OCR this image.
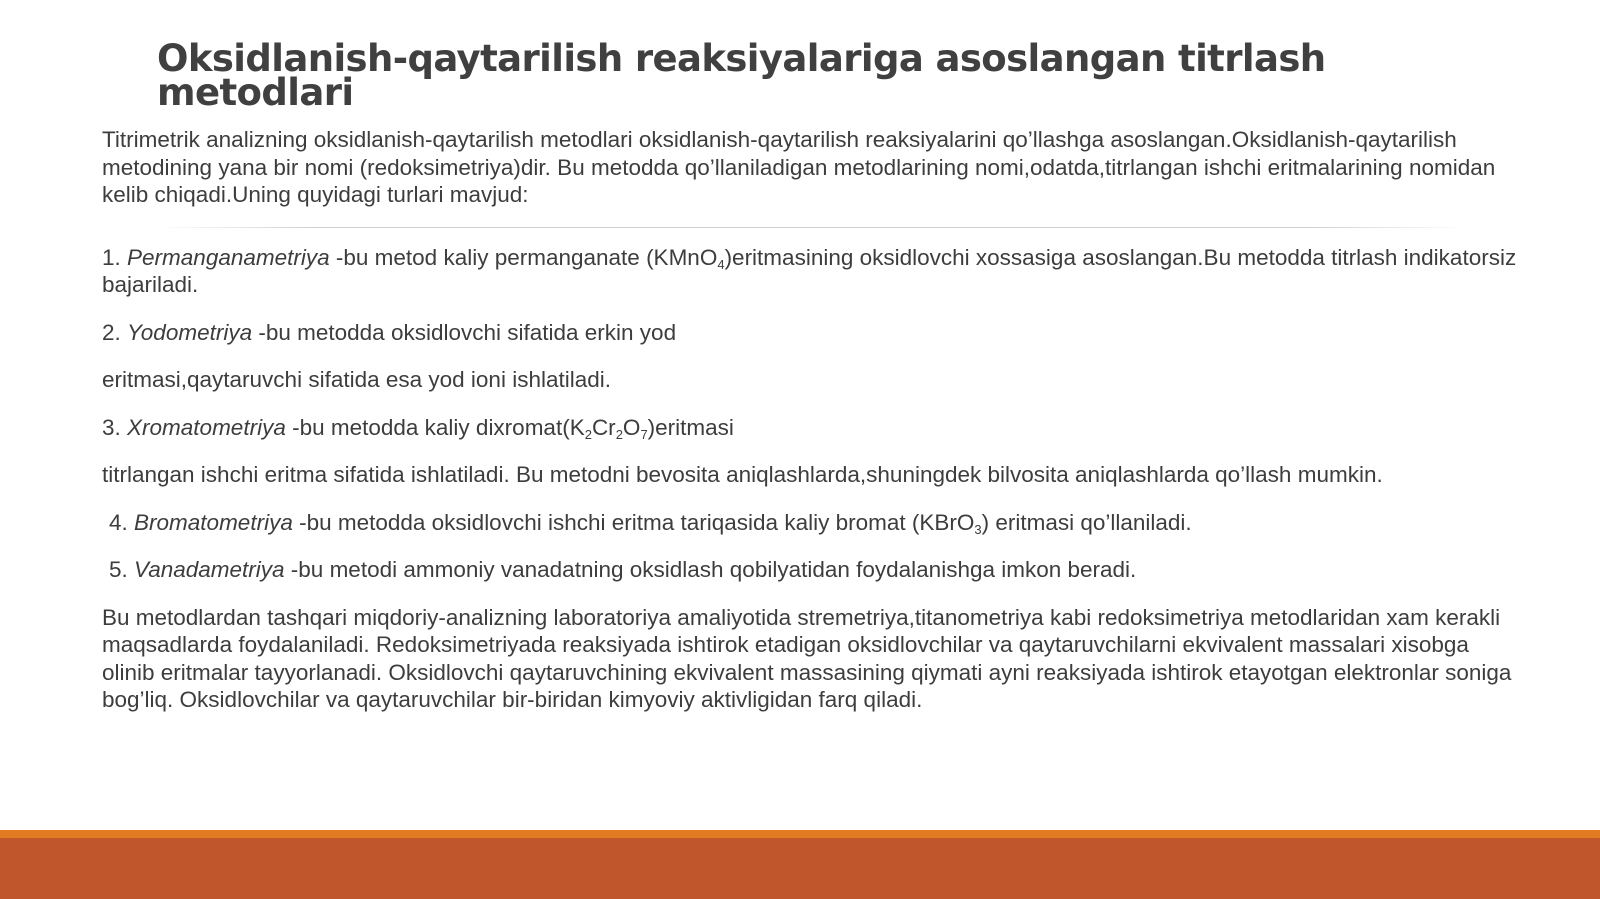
Oksidlanish-qaytarilish reaksiyalariga asoslangan titrlash metodlari

Titrimetrik analizning oksidlanish-qaytarilish metodlari oksidlanish-qaytarilish reaksiyalarini qo’llashga asoslangan.Oksidlanish-qaytarilish metodining yana bir nomi (redoksimetriya)dir. Bu metodda qo’llaniladigan metodlarining nomi,odatda,titrlangan ishchi eritmalarining nomidan kelib chiqadi.Uning quyidagi turlari mavjud:

1. Permanganametriya -bu metod kaliy permanganate (KMnO$_4$)eritmasining oksidlovchi xossasiga asoslangan.Bu metodda titrlash indikatorsiz bajariladi.

2. Yodometriya -bu metodda oksidlovchi sifatida erkin yod

eritmasi,qaytaruvchi sifatida esa yod ioni ishlatiladi.

3. Xromatometriya -bu metodda kaliy $dixromat(K_2Cr_2O_7)eritmasi$

titrlangan ishchi eritma sifatida ishlatiladi. Bu metodni bevosita aniqlashlarda,shuningdek bilvosita aniqlashlarda qo’llash mumkin.

4. Bromatometriya -bu metodda oksidlovchi ishchi eritma tariqasida kaliy bromat (KBrO$_3$) eritmasi qo’llaniladi.

5. Vanadametriya -bu metodi ammoniy vanadatning oksidlash qobilyatidan foydalanishga imkon beradi.

Bu metodlardan tashqari miqdoriy-analizning laboratoriya amaliyotida stremetriya,titanometriya kabi redoksimetriya metodlaridan xam kerakli maqsadlarda foydalaniladi. Redoksimetriyada reaksiyada ishtirok etadigan oksidlovchilar va qaytaruvchilarni ekvivalent massalari xisobga olinib eritmalar tayyorlanadi. Oksidlovchi qaytaruvchining ekvivalent massasining qiymati ayni reaksiyada ishtirok etayotgan elektronlar soniga bog’liq. Oksidlovchilar va qaytaruvchilar bir-biridan kimyoviy aktivligidan farq qiladi.
